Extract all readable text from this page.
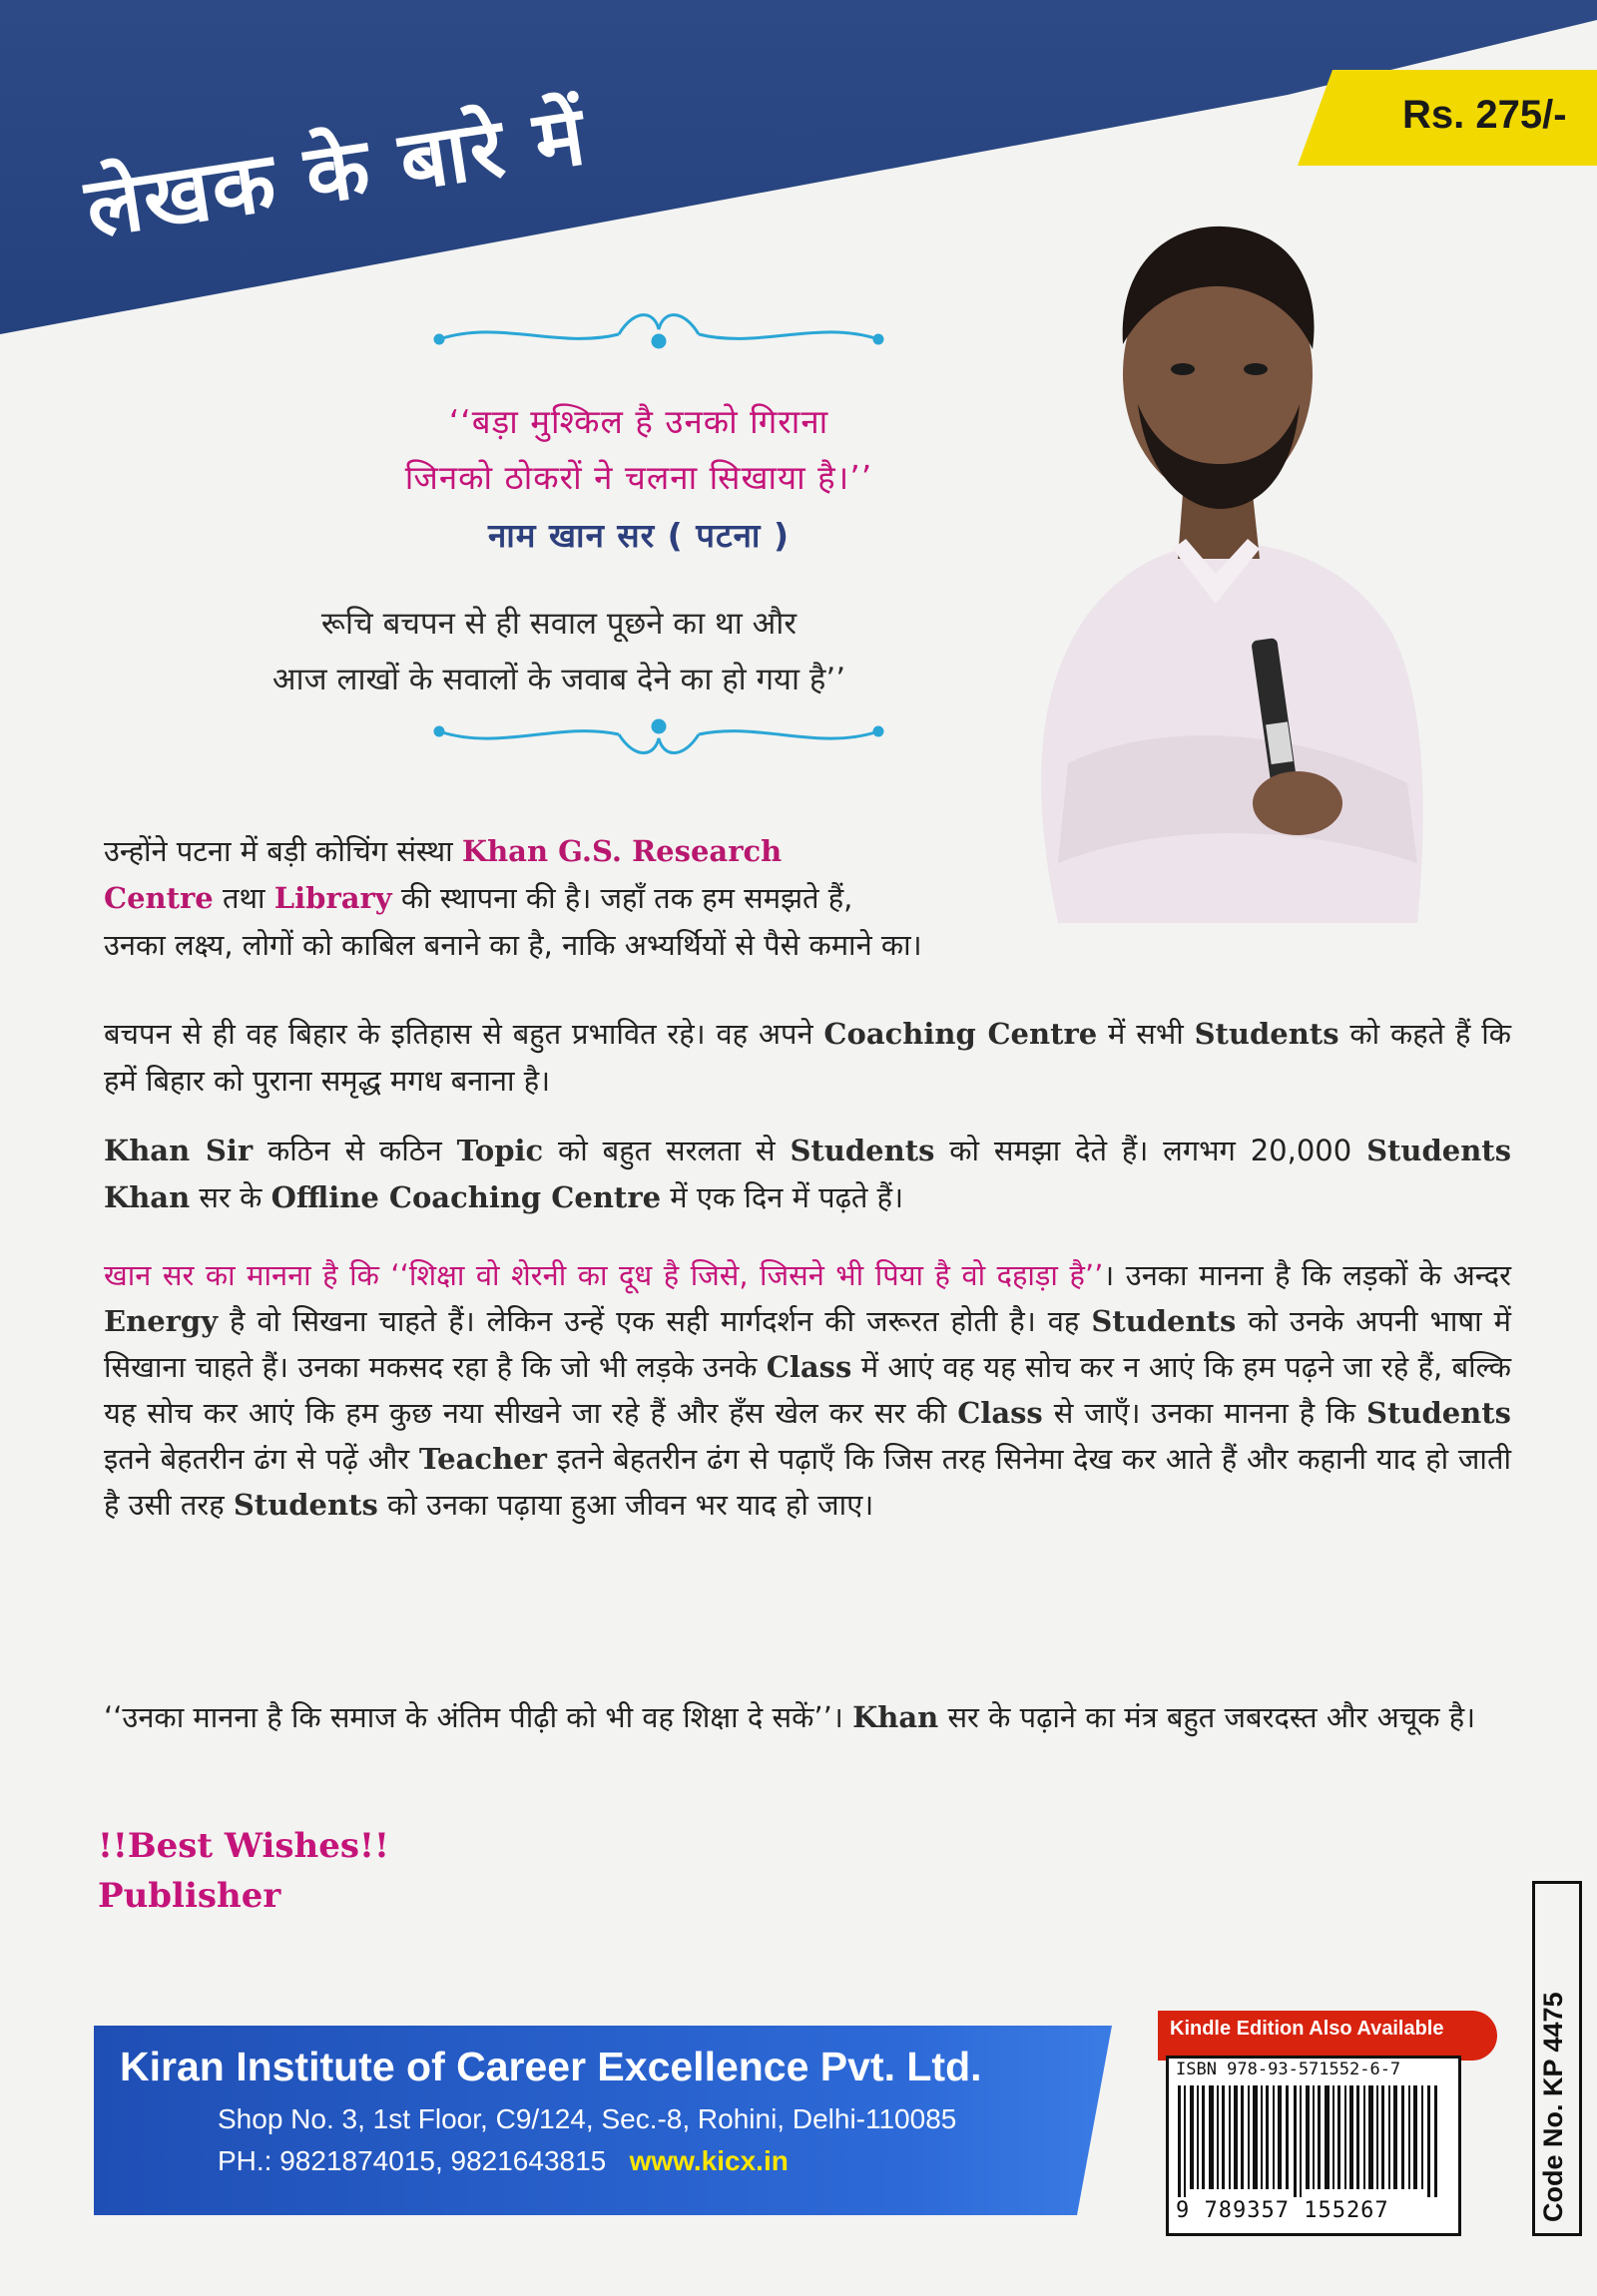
लेखक के बारे में	Rs. 275/-
‘‘बड़ा मुश्किल है उनको गिराना
जिनको ठोकरों ने चलना सिखाया है।’’
नाम खान सर ( पटना )
रूचि बचपन से ही सवाल पूछने का था और
आज लाखों के सवालों के जवाब देने का हो गया है’’
उन्होंने पटना में बड़ी कोचिंग संस्था Khan G.S. Research
Centre तथा Library की स्थापना की है। जहाँ तक हम समझते हैं,
उनका लक्ष्य, लोगों को काबिल बनाने का है, नाकि अभ्यर्थियों से पैसे कमाने का।
बचपन से ही वह बिहार के इतिहास से बहुत प्रभावित रहे। वह अपने Coaching Centre में सभी Students को कहते हैं कि हमें बिहार को पुराना समृद्ध मगध बनाना है।
Khan Sir कठिन से कठिन Topic को बहुत सरलता से Students को समझा देते हैं। लगभग 20,000 Students Khan सर के Offline Coaching Centre में एक दिन में पढ़ते हैं।
खान सर का मानना है कि ‘‘शिक्षा वो शेरनी का दूध है जिसे, जिसने भी पिया है वो दहाड़ा है’’। उनका मानना है कि लड़कों के अन्दर Energy है वो सिखना चाहते हैं। लेकिन उन्हें एक सही मार्गदर्शन की जरूरत होती है। वह Students को उनके अपनी भाषा में सिखाना चाहते हैं। उनका मकसद रहा है कि जो भी लड़के उनके Class में आएं वह यह सोच कर न आएं कि हम पढ़ने जा रहे हैं, बल्कि यह सोच कर आएं कि हम कुछ नया सीखने जा रहे हैं और हँस खेल कर सर की Class से जाएँ। उनका मानना है कि Students इतने बेहतरीन ढंग से पढ़ें और Teacher इतने बेहतरीन ढंग से पढ़ाएँ कि जिस तरह सिनेमा देख कर आते हैं और कहानी याद हो जाती है उसी तरह Students को उनका पढ़ाया हुआ जीवन भर याद हो जाए।
‘‘उनका मानना है कि समाज के अंतिम पीढ़ी को भी वह शिक्षा दे सकें’’। Khan सर के पढ़ाने का मंत्र बहुत जबरदस्त और अचूक है।
!!Best Wishes!!
Publisher
Kiran Institute of Career Excellence Pvt. Ltd.
Shop No. 3, 1st Floor, C9/124, Sec.-8, Rohini, Delhi-110085
PH.: 9821874015, 9821643815 www.kicx.in
Kindle Edition Also Available
ISBN 978-93-571552-6-7
9 789357 155267	Code No. KP 4475
